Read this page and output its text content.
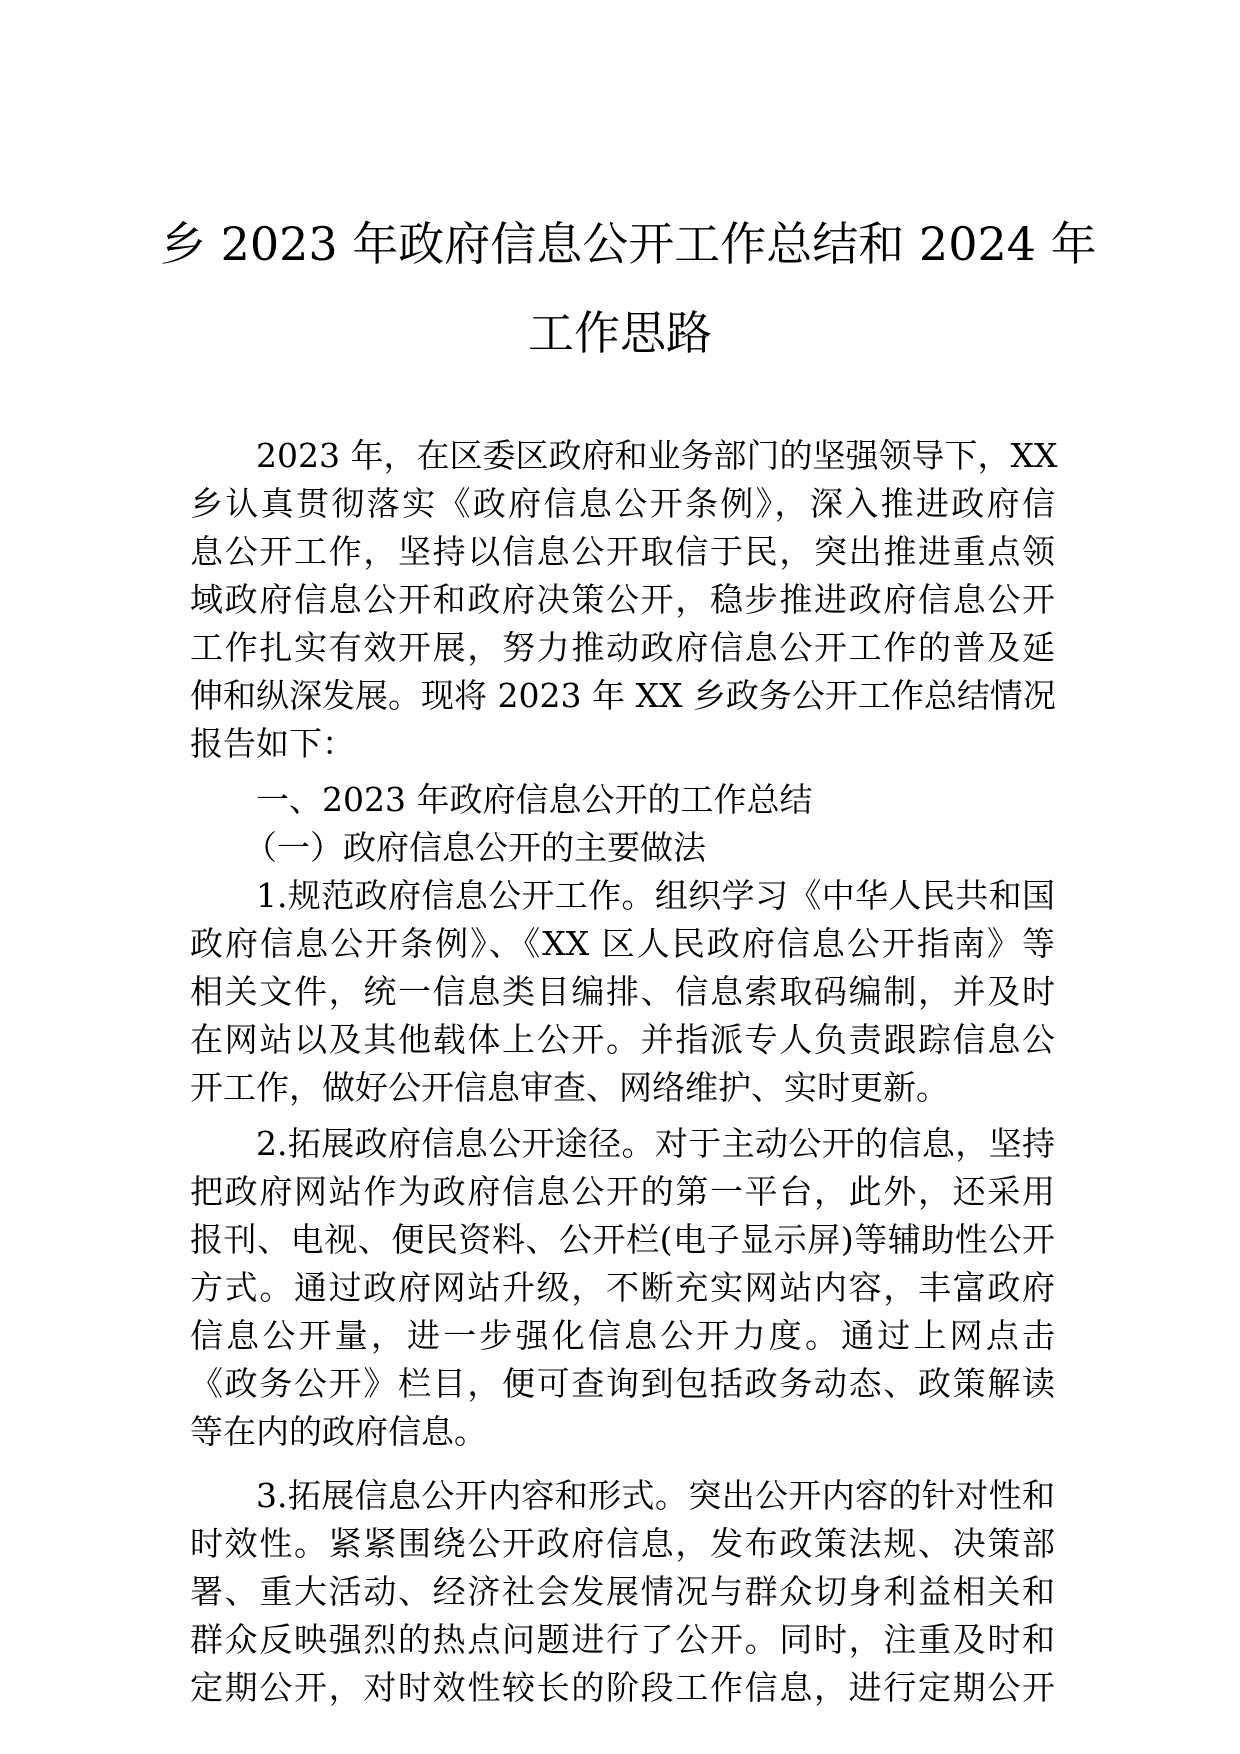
乡 2023 年政府信息公开工作总结和 2024 年
工作思路
2023 年，在区委区政府和业务部门的坚强领导下，XX
乡认真贯彻落实《政府信息公开条例》，深入推进政府信
息公开工作，坚持以信息公开取信于民，突出推进重点领
域政府信息公开和政府决策公开，稳步推进政府信息公开
工作扎实有效开展，努力推动政府信息公开工作的普及延
伸和纵深发展。现将 2023 年 XX 乡政务公开工作总结情况
报告如下：
一、2023 年政府信息公开的工作总结
（一）政府信息公开的主要做法
1.规范政府信息公开工作。组织学习《中华人民共和国
政府信息公开条例》、《XX 区人民政府信息公开指南》等
相关文件，统一信息类目编排、信息索取码编制，并及时
在网站以及其他载体上公开。并指派专人负责跟踪信息公
开工作，做好公开信息审查、网络维护、实时更新。
2.拓展政府信息公开途径。对于主动公开的信息，坚持
把政府网站作为政府信息公开的第一平台，此外，还采用
报刊、电视、便民资料、公开栏(电子显示屏)等辅助性公开
方式。通过政府网站升级，不断充实网站内容，丰富政府
信息公开量，进一步强化信息公开力度。通过上网点击
《政务公开》栏目，便可查询到包括政务动态、政策解读
等在内的政府信息。
3.拓展信息公开内容和形式。突出公开内容的针对性和
时效性。紧紧围绕公开政府信息，发布政策法规、决策部
署、重大活动、经济社会发展情况与群众切身利益相关和
群众反映强烈的热点问题进行了公开。同时，注重及时和
定期公开，对时效性较长的阶段工作信息，进行定期公开
